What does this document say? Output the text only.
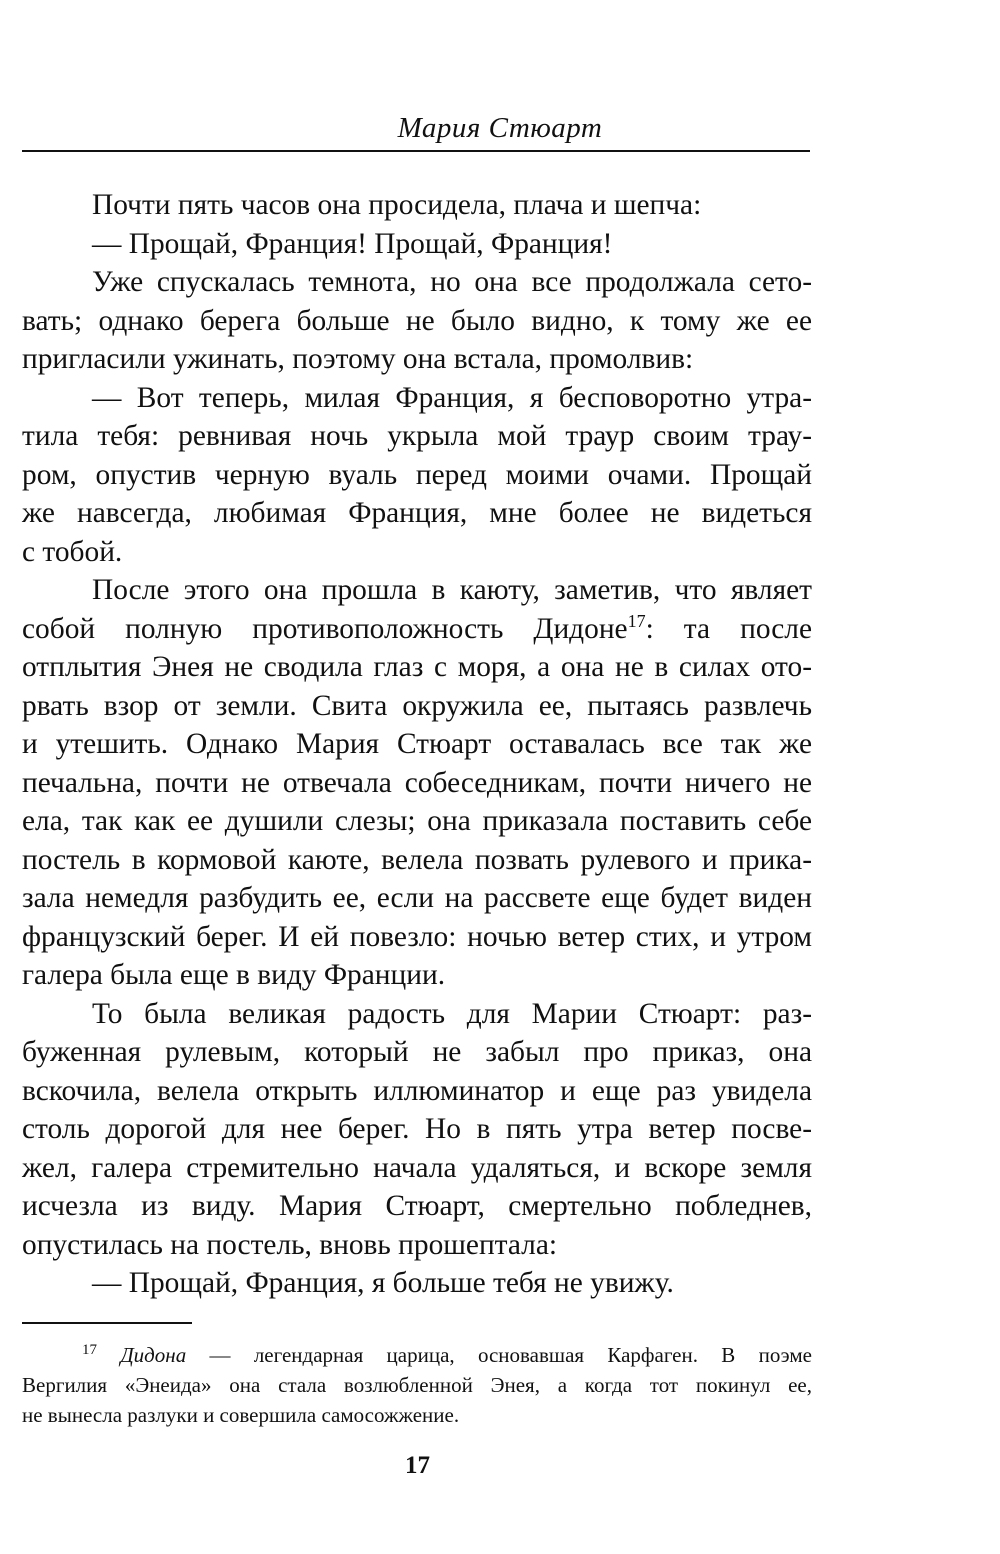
Мария Стюарт
Почти пять часов она просидела, плача и шепча:
— Прощай, Франция! Прощай, Франция!
Уже спускалась темнота, но она все продолжала сето-
вать; однако берега больше не было видно, к тому же ее
пригласили ужинать, поэтому она встала, промолвив:
— Вот теперь, милая Франция, я бесповоротно утра-
тила тебя: ревнивая ночь укрыла мой траур своим трау-
ром, опустив черную вуаль перед моими очами. Прощай
же навсегда, любимая Франция, мне более не видеться
с тобой.
После этого она прошла в каюту, заметив, что являет
собой полную противоположность Дидоне$^{17}$: та после
отплытия Энея не сводила глаз с моря, а она не в силах ото-
рвать взор от земли. Свита окружила ее, пытаясь развлечь
и утешить. Однако Мария Стюарт оставалась все так же
печальна, почти не отвечала собеседникам, почти ничего не
ела, так как ее душили слезы; она приказала поставить себе
постель в кормовой каюте, велела позвать рулевого и прика-
зала немедля разбудить ее, если на рассвете еще будет виден
французский берег. И ей повезло: ночью ветер стих, и утром
галера была еще в виду Франции.
То была великая радость для Марии Стюарт: раз-
буженная рулевым, который не забыл про приказ, она
вскочила, велела открыть иллюминатор и еще раз увидела
столь дорогой для нее берег. Но в пять утра ветер посве-
жел, галера стремительно начала удаляться, и вскоре земля
исчезла из виду. Мария Стюарт, смертельно побледнев,
опустилась на постель, вновь прошептала:
— Прощай, Франция, я больше тебя не увижу.
$^{17}$ Дидона — легендарная царица, основавшая Карфаген. В поэме
Вергилия «Энеида» она стала возлюбленной Энея, а когда тот покинул ее,
не вынесла разлуки и совершила самосожжение.
17
